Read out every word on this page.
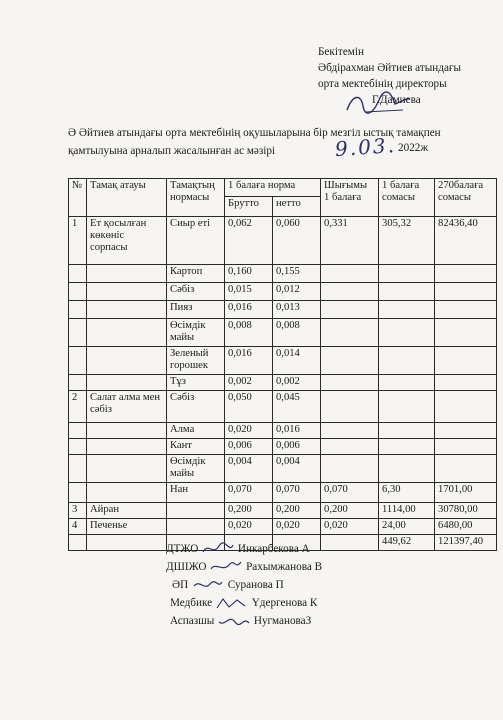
Бекітемін
Әбдірахман Әйтиев атындағы
орта мектебінің директоры
Г.Дамиева
Ә Әйтиев атындағы орта мектебінің оқушыларына бір мезгіл ыстық тамақпен
қамтылуына арналып жасалынған ас мәзірі	9.03. 2022ж
№	Тамақ атауы	Тамақтың нормасы	1 балаға норма		Шығымы 1 балаға	1 балаға сомасы	270балаға сомасы
			Брутто	нетто			
1	Ет қосылған көкөніс сорпасы	Сиыр еті	0,062	0,060	0,331	305,32	82436,40
		Картоп	0,160	0,155			
		Сәбіз	0,015	0,012			
		Пияз	0,016	0,013			
		Өсімдік майы	0,008	0,008			
		Зеленый горошек	0,016	0,014			
		Тұз	0,002	0,002			
2	Салат алма мен сәбіз	Сәбіз	0,050	0,045			
		Алма	0,020	0,016			
		Кант	0,006	0,006			
		Өсімдік майы	0,004	0,004			
		Нан	0,070	0,070	0,070	6,30	1701,00
3	Айран		0,200	0,200	0,200	1114,00	30780,00
4	Печенье		0,020	0,020	0,020	24,00	6480,00
						449,62	121397,40
ДТЖО	Инкарбекова А
ДШІЖО	Рахымжанова В
ӘП	Суранова П
Медбике	Үдергенова К
Аспазшы	НугмановаЗ
